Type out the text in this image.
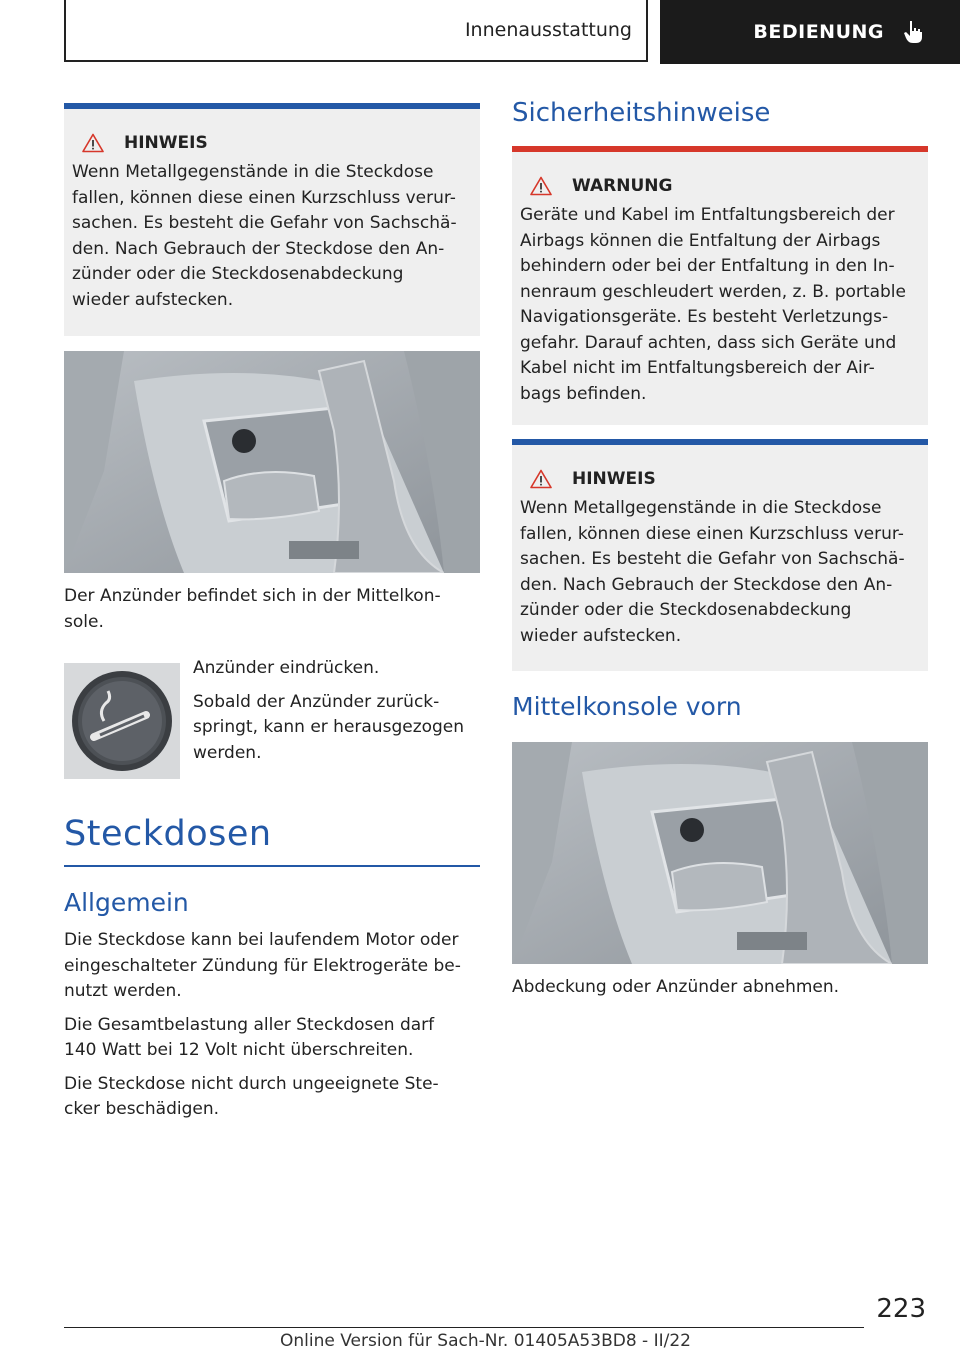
Innenausstattung	BEDIENUNG
HINWEIS

Wenn Metallgegenstände in die Steckdose

fallen, können diese einen Kurzschluss verur-

sachen. Es besteht die Gefahr von Sachschä-

den. Nach Gebrauch der Steckdose den An-

zünder oder die Steckdosenabdeckung

wieder aufstecken.

Der Anzünder befindet sich in der Mittelkon-

sole.

Anzünder eindrücken.

Sobald der Anzünder zurück-

springt, kann er herausgezogen

werden.

Steckdosen
Allgemein

Die Steckdose kann bei laufendem Motor oder

eingeschalteter Zündung für Elektrogeräte be-

nutzt werden.

Die Gesamtbelastung aller Steckdosen darf

140 Watt bei 12 Volt nicht überschreiten.

Die Steckdose nicht durch ungeeignete Ste-

cker beschädigen.

Sicherheitshinweise
WARNUNG

Geräte und Kabel im Entfaltungsbereich der

Airbags können die Entfaltung der Airbags

behindern oder bei der Entfaltung in den In-

nenraum geschleudert werden, z. B. portable

Navigationsgeräte. Es besteht Verletzungs-

gefahr. Darauf achten, dass sich Geräte und

Kabel nicht im Entfaltungsbereich der Air-

bags befinden.

HINWEIS

Wenn Metallgegenstände in die Steckdose

fallen, können diese einen Kurzschluss verur-

sachen. Es besteht die Gefahr von Sachschä-

den. Nach Gebrauch der Steckdose den An-

zünder oder die Steckdosenabdeckung

wieder aufstecken.

Mittelkonsole vorn

Abdeckung oder Anzünder abnehmen.

223
Online Version für Sach-Nr. 01405A53BD8 - II/22
